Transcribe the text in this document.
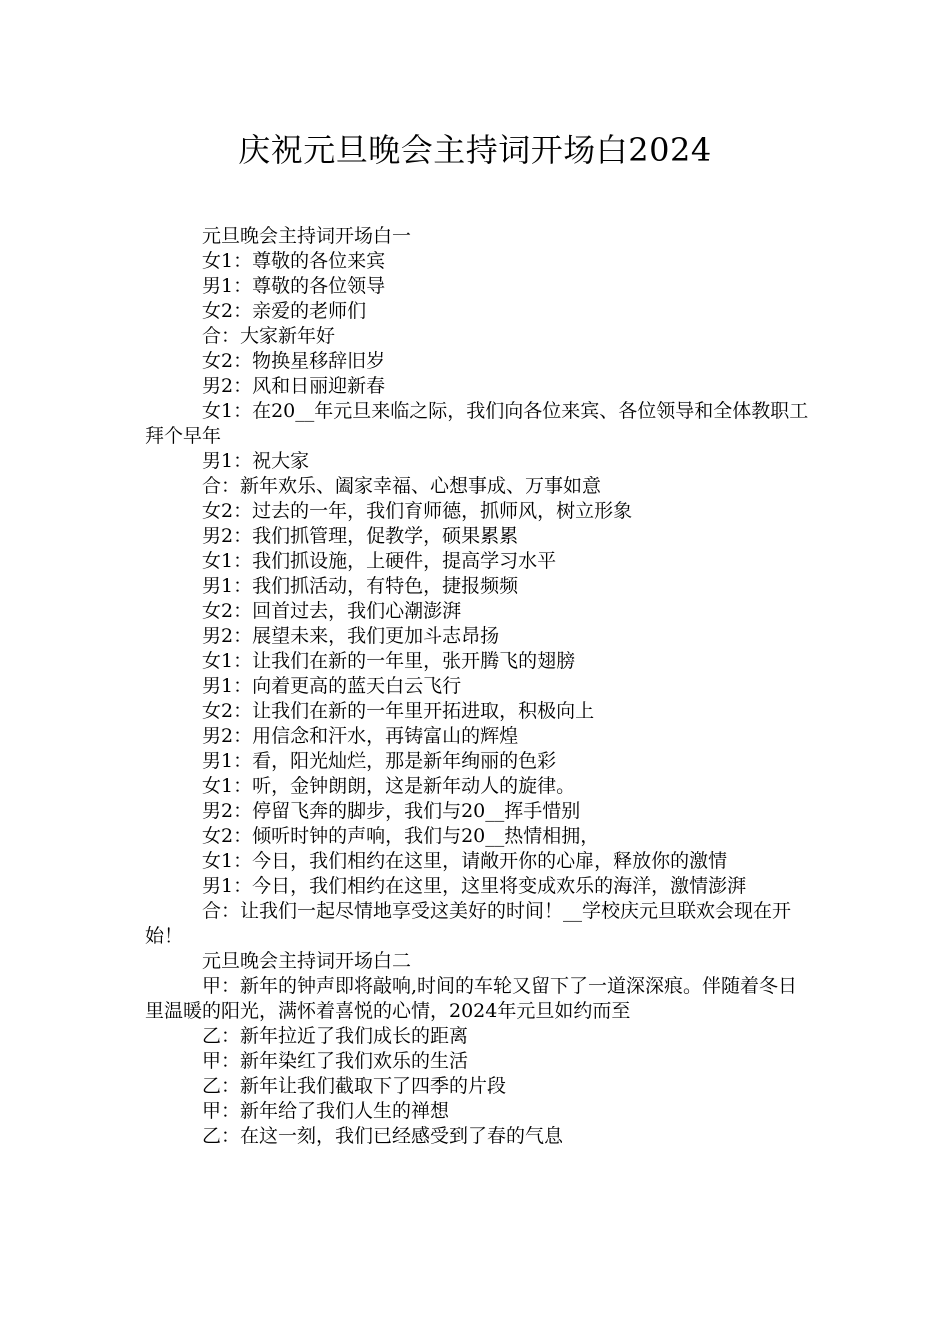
庆祝元旦晚会主持词开场白2024

元旦晚会主持词开场白一

女1：尊敬的各位来宾

男1：尊敬的各位领导

女2：亲爱的老师们

合：大家新年好

女2：物换星移辞旧岁

男2：风和日丽迎新春

女1：在20__年元旦来临之际，我们向各位来宾、各位领导和全体教职工拜个早年

男1：祝大家

合：新年欢乐、阖家幸福、心想事成、万事如意

女2：过去的一年，我们育师德，抓师风，树立形象

男2：我们抓管理，促教学，硕果累累

女1：我们抓设施，上硬件，提高学习水平

男1：我们抓活动，有特色，捷报频频

女2：回首过去，我们心潮澎湃

男2：展望未来，我们更加斗志昂扬

女1：让我们在新的一年里，张开腾飞的翅膀

男1：向着更高的蓝天白云飞行

女2：让我们在新的一年里开拓进取，积极向上

男2：用信念和汗水，再铸富山的辉煌

男1：看，阳光灿烂，那是新年绚丽的色彩

女1：听，金钟朗朗，这是新年动人的旋律。

男2：停留飞奔的脚步，我们与20__挥手惜别

女2：倾听时钟的声响，我们与20__热情相拥，

女1：今日，我们相约在这里，请敞开你的心扉，释放你的激情

男1：今日，我们相约在这里，这里将变成欢乐的海洋，激情澎湃

合：让我们一起尽情地享受这美好的时间！__学校庆元旦联欢会现在开始！

元旦晚会主持词开场白二

甲：新年的钟声即将敲响,时间的车轮又留下了一道深深痕。伴随着冬日里温暖的阳光，满怀着喜悦的心情，2024年元旦如约而至

乙：新年拉近了我们成长的距离

甲：新年染红了我们欢乐的生活

乙：新年让我们截取下了四季的片段

甲：新年给了我们人生的禅想

乙：在这一刻，我们已经感受到了春的气息
